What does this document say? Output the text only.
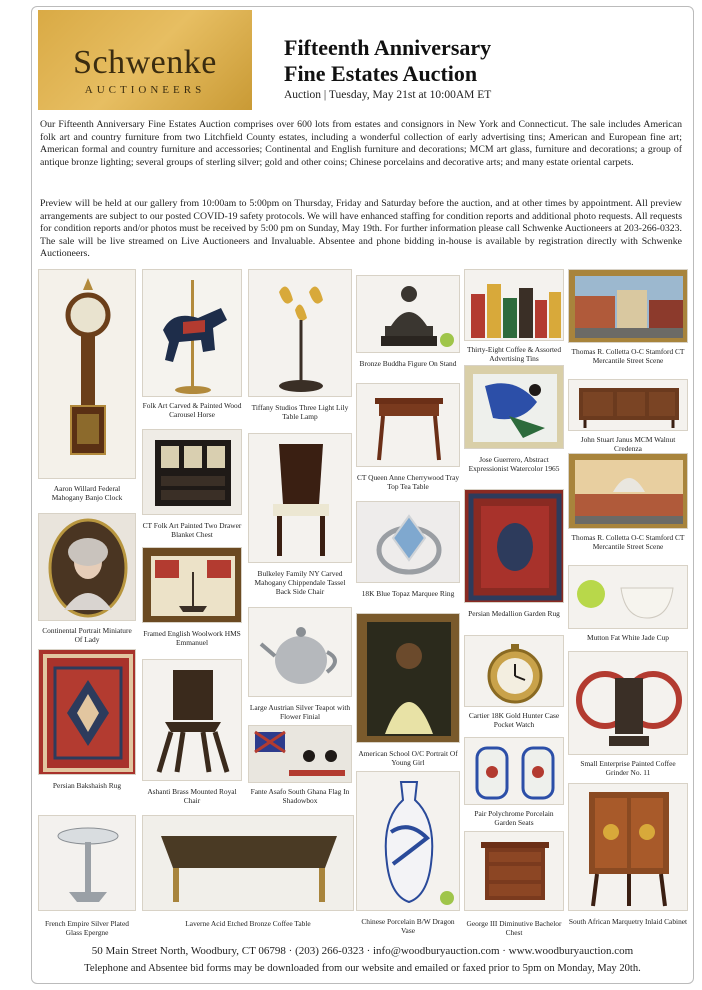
Schwenke
AUCTIONEERS
Fifteenth Anniversary
Fine Estates Auction
Auction | Tuesday, May 21st at 10:00AM ET

Our Fifteenth Anniversary Fine Estates Auction comprises over 600 lots from estates and consignors in New York and Connecticut. The sale includes American folk art and country furniture from two Litchfield County estates, including a wonderful collection of early advertising tins; American and European fine art; American formal and country furniture and accessories; Continental and English furniture and decorations; MCM art glass, furniture and decorations; a group of antique bronze lighting; several groups of sterling silver; gold and other coins; Chinese porcelains and decorative arts; and many estate oriental carpets.

Preview will be held at our gallery from 10:00am to 5:00pm on Thursday, Friday and Saturday before the auction, and at other times by appointment. All preview arrangements are subject to our posted COVID-19 safety protocols. We will have enhanced staffing for condition reports and additional photo requests. All requests for condition reports and/or photos must be received by 5:00 pm on Sunday, May 19th. For further information please call Schwenke Auctioneers at 203-266-0323. The sale will be live streamed on Live Auctioneers and Invaluable. Absentee and phone bidding in-house is available by registration directly with Schwenke Auctioneers.

Aaron Willard Federal Mahogany Banjo Clock
Continental Portrait Miniature Of Lady
Persian Bakshaish Rug
French Empire Silver Plated Glass Epergne
Folk Art Carved & Painted Wood Carousel Horse
CT Folk Art Painted Two Drawer Blanket Chest
Framed English Woolwork HMS Emmanuel
Ashanti Brass Mounted Royal Chair
Laverne Acid Etched Bronze Coffee Table
Tiffany Studios Three Light Lily Table Lamp
Bulkeley Family NY Carved Mahogany Chippendale Tassel Back Side Chair
Large Austrian Silver Teapot with Flower Finial
Fante Asafo South Ghana Flag In Shadowbox
Bronze Buddha Figure On Stand
CT Queen Anne Cherrywood Tray Top Tea Table
18K Blue Topaz Marquee Ring
American School O/C Portrait Of Young Girl
Chinese Porcelain B/W Dragon Vase
Thirty-Eight Coffee & Assorted Advertising Tins
Jose Guerrero, Abstract Expressionist Watercolor 1965
Persian Medallion Garden Rug
Cartier 18K Gold Hunter Case Pocket Watch
Pair Polychrome Porcelain Garden Seats
George III Diminutive Bachelor Chest
Thomas R. Colletta O-C Stamford CT Mercantile Street Scene
John Stuart Janus MCM Walnut Credenza
Thomas R. Colletta O-C Stamford CT Mercantile Street Scene
Mutton Fat White Jade Cup
Small Enterprise Painted Coffee Grinder No. 11
South African Marquetry Inlaid Cabinet
50 Main Street North, Woodbury, CT 06798 · (203) 266-0323 · info@woodburyauction.com · www.woodburyauction.com
Telephone and Absentee bid forms may be downloaded from our website and emailed or faxed prior to 5pm on Monday, May 20th.
